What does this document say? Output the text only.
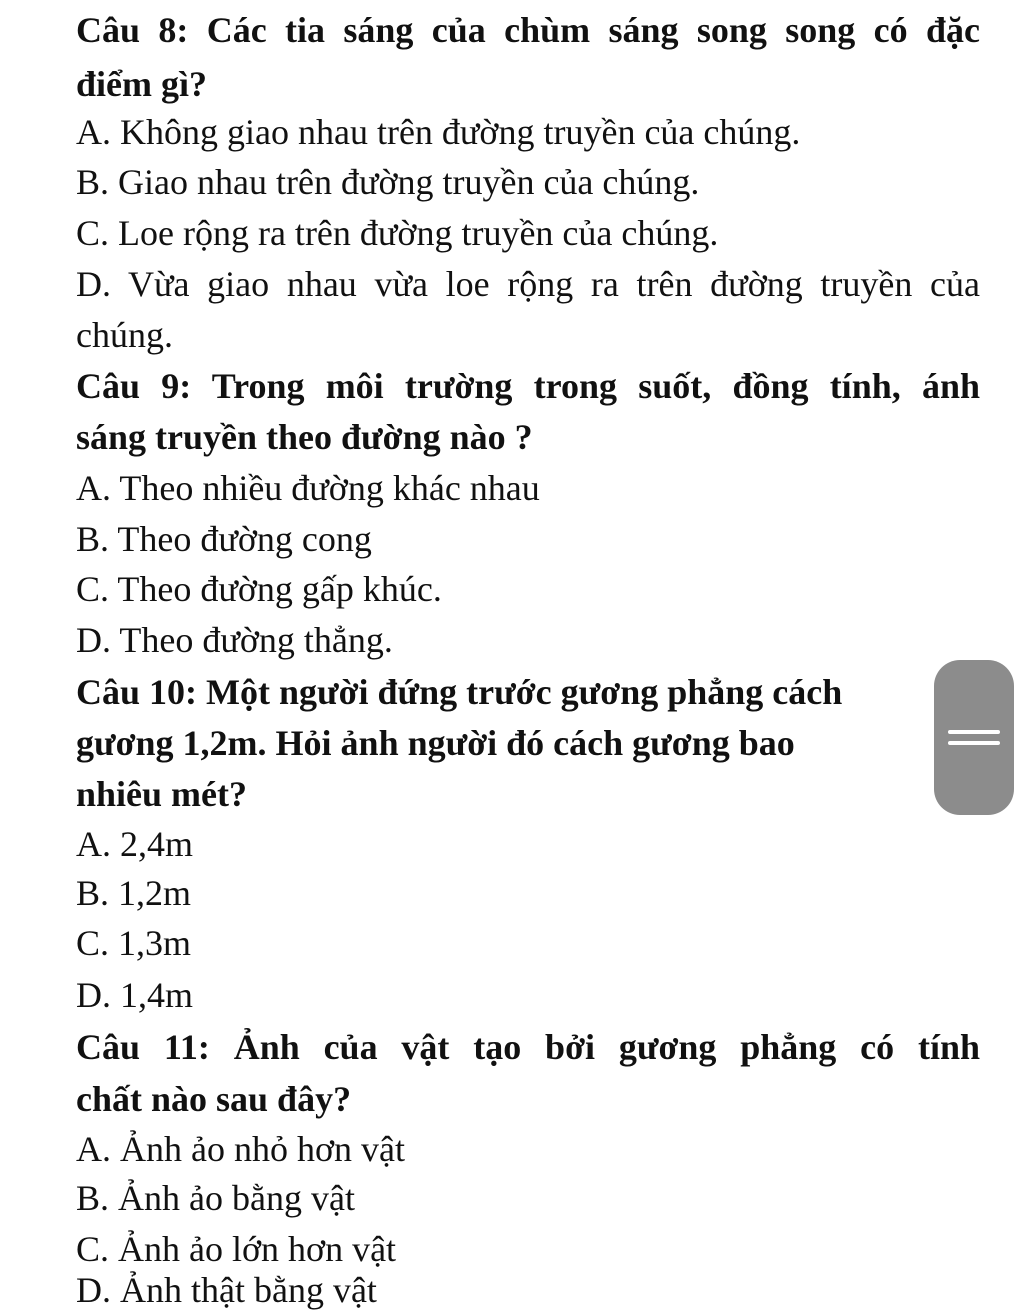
Câu 8: Các tia sáng của chùm sáng song song có đặc
điểm gì?
A. Không giao nhau trên đường truyền của chúng.
B. Giao nhau trên đường truyền của chúng.
C. Loe rộng ra trên đường truyền của chúng.
D. Vừa giao nhau vừa loe rộng ra trên đường truyền của
chúng.
Câu 9: Trong môi trường trong suốt, đồng tính, ánh
sáng truyền theo đường nào ?
A. Theo nhiều đường khác nhau
B. Theo đường cong
C. Theo đường gấp khúc.
D. Theo đường thẳng.
Câu 10: Một người đứng trước gương phẳng cách
gương 1,2m. Hỏi ảnh người đó cách gương bao
nhiêu mét?
A. 2,4m
B. 1,2m
C. 1,3m
D. 1,4m
Câu 11: Ảnh của vật tạo bởi gương phẳng có tính
chất nào sau đây?
A. Ảnh ảo nhỏ hơn vật
B. Ảnh ảo bằng vật
C. Ảnh ảo lớn hơn vật
D. Ảnh thật bằng vật
